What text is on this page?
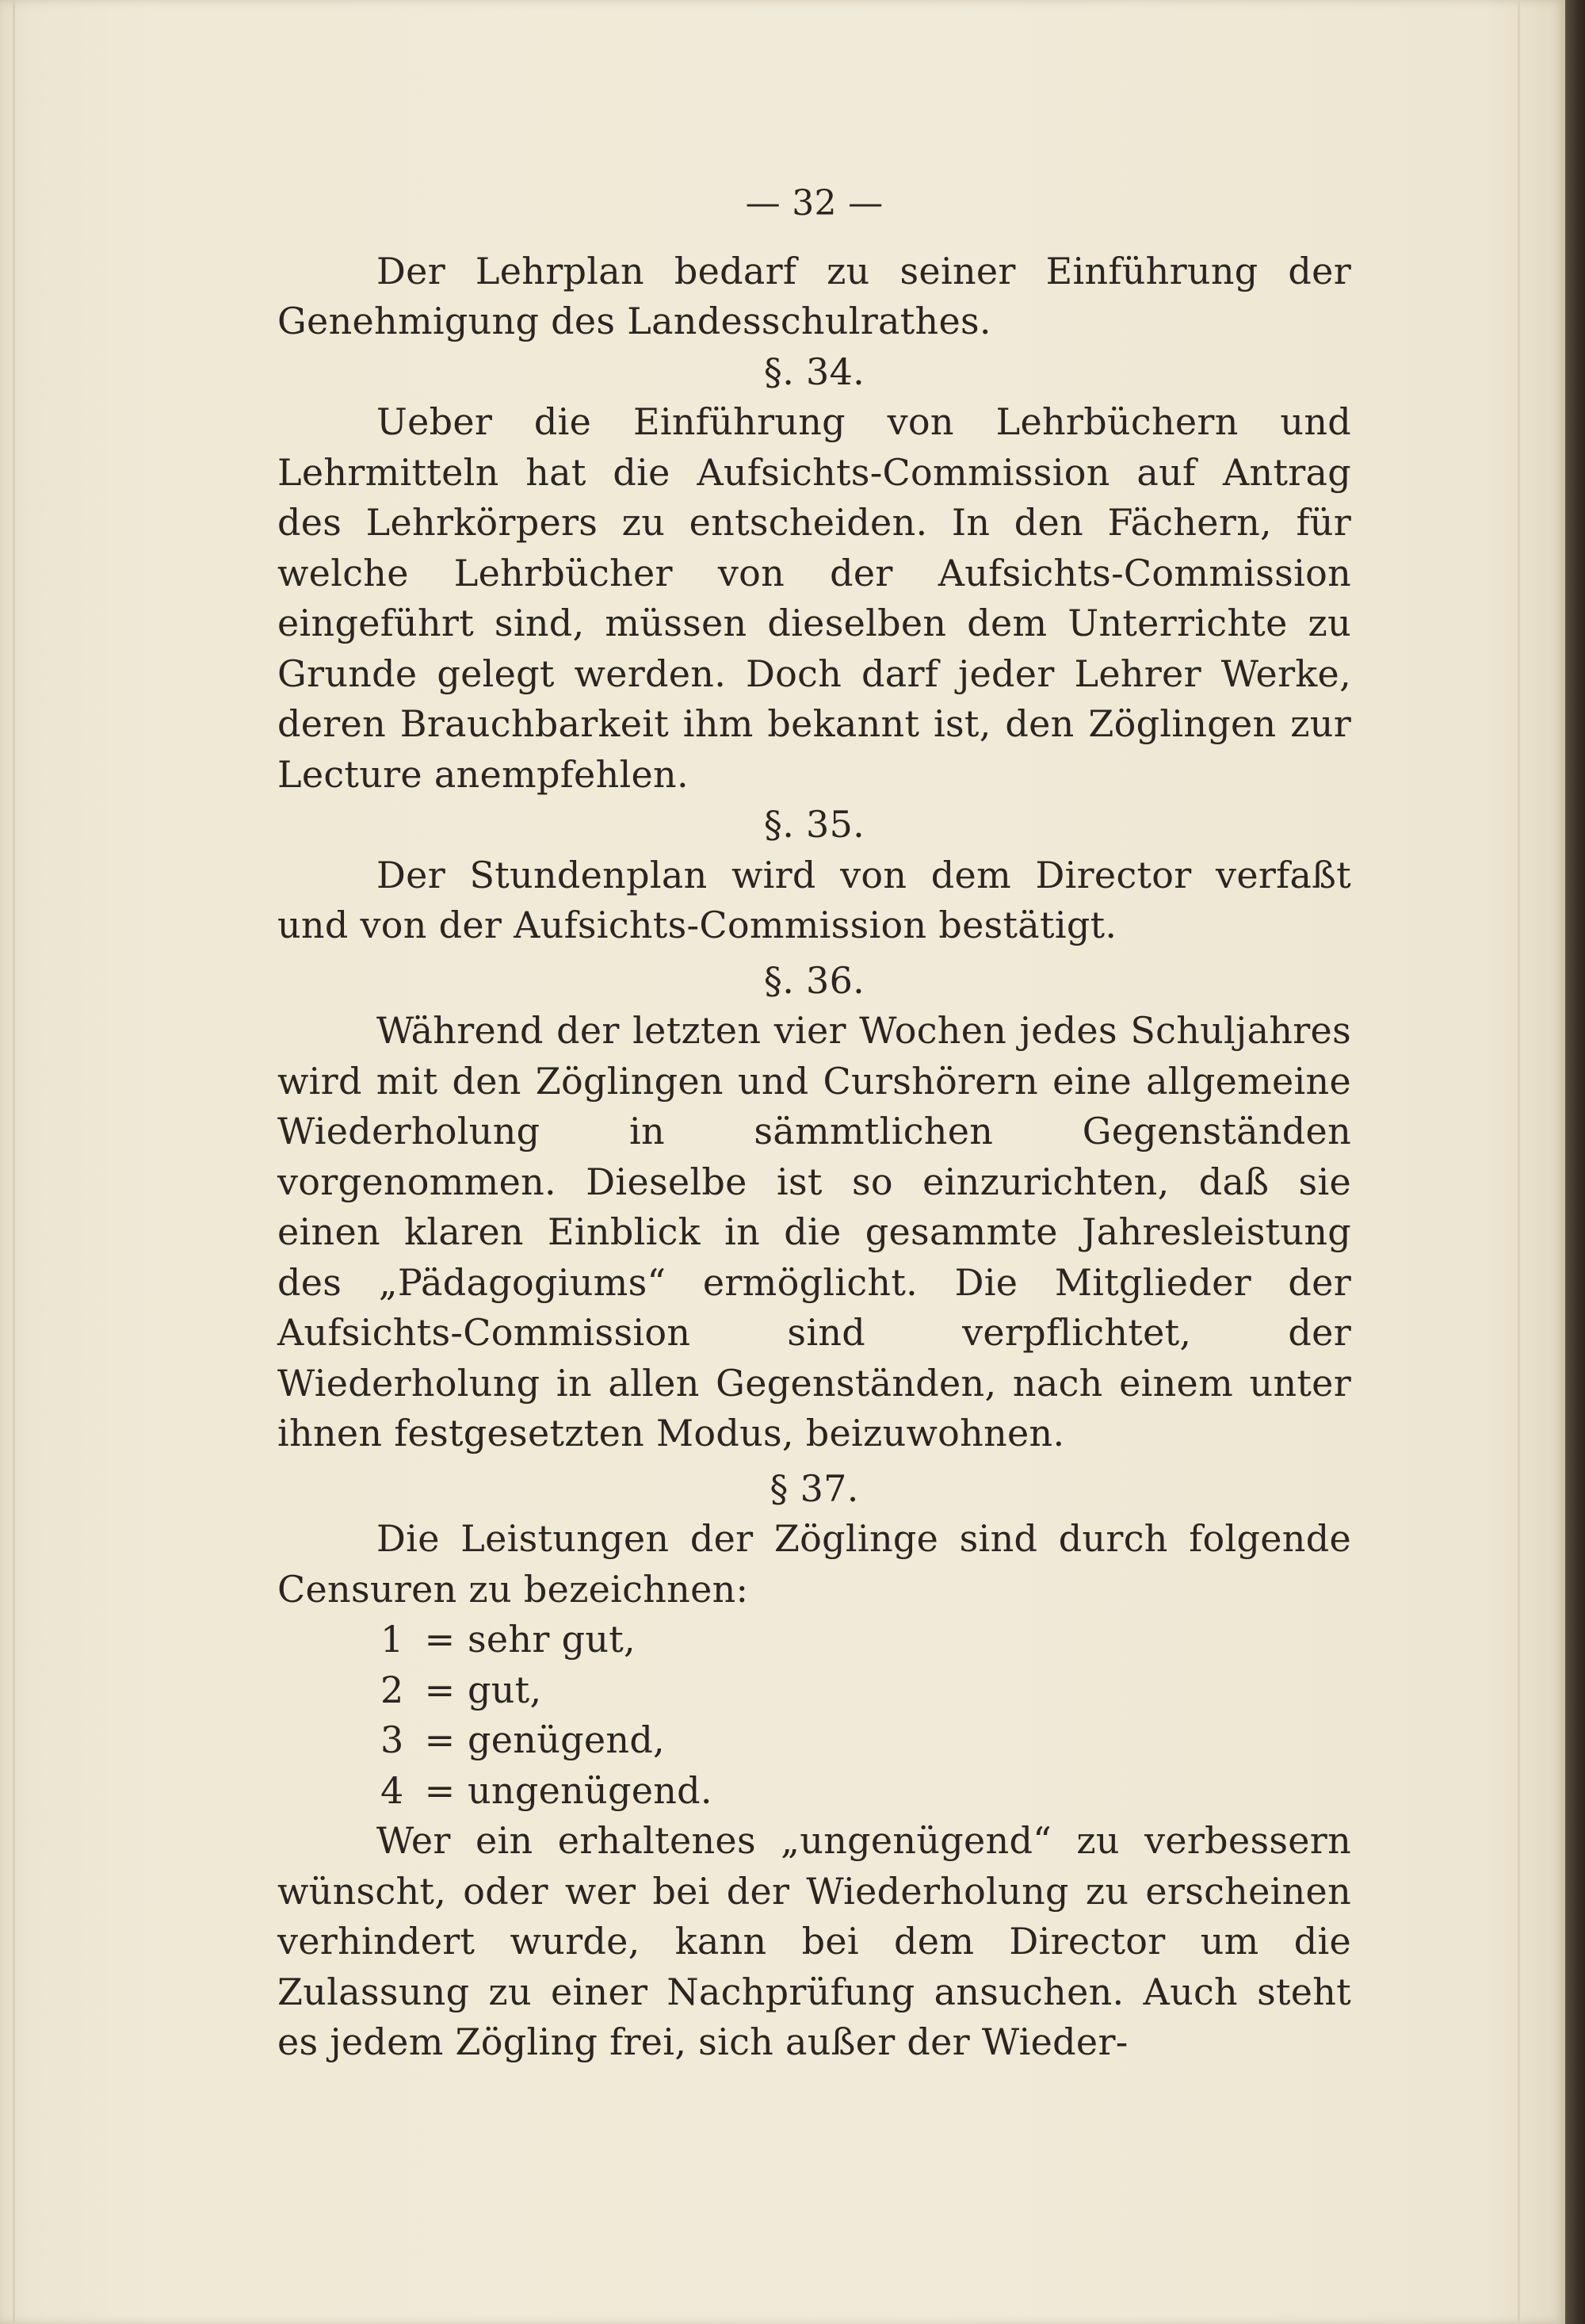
— 32 —

Der Lehrplan bedarf zu seiner Einführung der Genehmigung des Landesschulrathes.

§. 34.

Ueber die Einführung von Lehrbüchern und Lehrmitteln hat die Aufsichts-Commission auf Antrag des Lehrkörpers zu entscheiden. In den Fächern, für welche Lehrbücher von der Aufsichts-Commission eingeführt sind, müssen dieselben dem Unterrichte zu Grunde gelegt werden. Doch darf jeder Lehrer Werke, deren Brauchbarkeit ihm bekannt ist, den Zöglingen zur Lecture anempfehlen.

§. 35.

Der Stundenplan wird von dem Director verfaßt und von der Aufsichts-Commission bestätigt.

§. 36.

Während der letzten vier Wochen jedes Schuljahres wird mit den Zöglingen und Curshörern eine allgemeine Wiederholung in sämmtlichen Gegenständen vorgenommen. Dieselbe ist so einzurichten, daß sie einen klaren Einblick in die gesammte Jahresleistung des „Pädagogiums“ ermöglicht. Die Mitglieder der Aufsichts-Commission sind verpflichtet, der Wiederholung in allen Gegenständen, nach einem unter ihnen festgesetzten Modus, beizuwohnen.

§ 37.

Die Leistungen der Zöglinge sind durch folgende Censuren zu bezeichnen:

1 = sehr gut,
2 = gut,
3 = genügend,
4 = ungenügend.

Wer ein erhaltenes „ungenügend“ zu verbessern wünscht, oder wer bei der Wiederholung zu erscheinen verhindert wurde, kann bei dem Director um die Zulassung zu einer Nachprüfung ansuchen. Auch steht es jedem Zögling frei, sich außer der Wieder-
